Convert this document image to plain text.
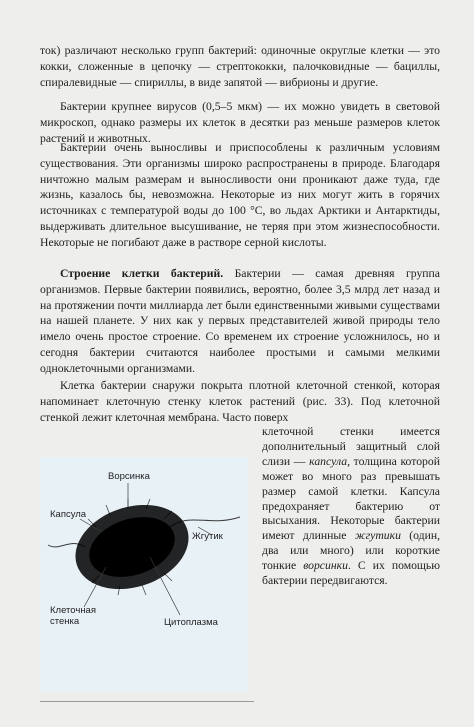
ток) различают несколько групп бактерий: одиночные округлые клетки — это кокки, сложенные в цепочку — стрептококки, палочковидные — бациллы, спиралевидные — спириллы, в виде запятой — вибрионы и другие.

Бактерии крупнее вирусов (0,5–5 мкм) — их можно увидеть в световой микроскоп, однако размеры их клеток в десятки раз меньше размеров клеток растений и животных.

Бактерии очень выносливы и приспособлены к различным условиям существования. Эти организмы широко распространены в природе. Благодаря ничтожно малым размерам и выносливости они проникают даже туда, где жизнь, казалось бы, невозможна. Некоторые из них могут жить в горячих источниках с температурой воды до 100 °С, во льдах Арктики и Антарктиды, выдерживать длительное высушивание, не теряя при этом жизнеспособности. Некоторые не погибают даже в растворе серной кислоты.

Строение клетки бактерий. Бактерии — самая древняя группа организмов. Первые бактерии появились, вероятно, более 3,5 млрд лет назад и на протяжении почти миллиарда лет были единственными живыми существами на нашей планете. У них как у первых представителей живой природы тело имело очень простое строение. Со временем их строение усложнилось, но и сегодня бактерии считаются наиболее простыми и самыми мелкими одноклеточными организмами.

Клетка бактерии снаружи покрыта плотной клеточной стенкой, которая напоминает клеточную стенку клеток растений (рис. 33). Под клеточной стенкой лежит клеточная мембрана. Часто поверх

клеточной стенки имеется дополнительный защитный слой слизи — капсула, толщина которой может во много раз превышать размер самой клетки. Капсула предохраняет бактерию от высыхания. Некоторые бактерии имеют длинные жгутики (один, два или много) или короткие тонкие ворсинки. С их помощью бактерии передвигаются.

Ворсинка
Капсула
Жгутик
Клеточная стенка	Цитоплазма
